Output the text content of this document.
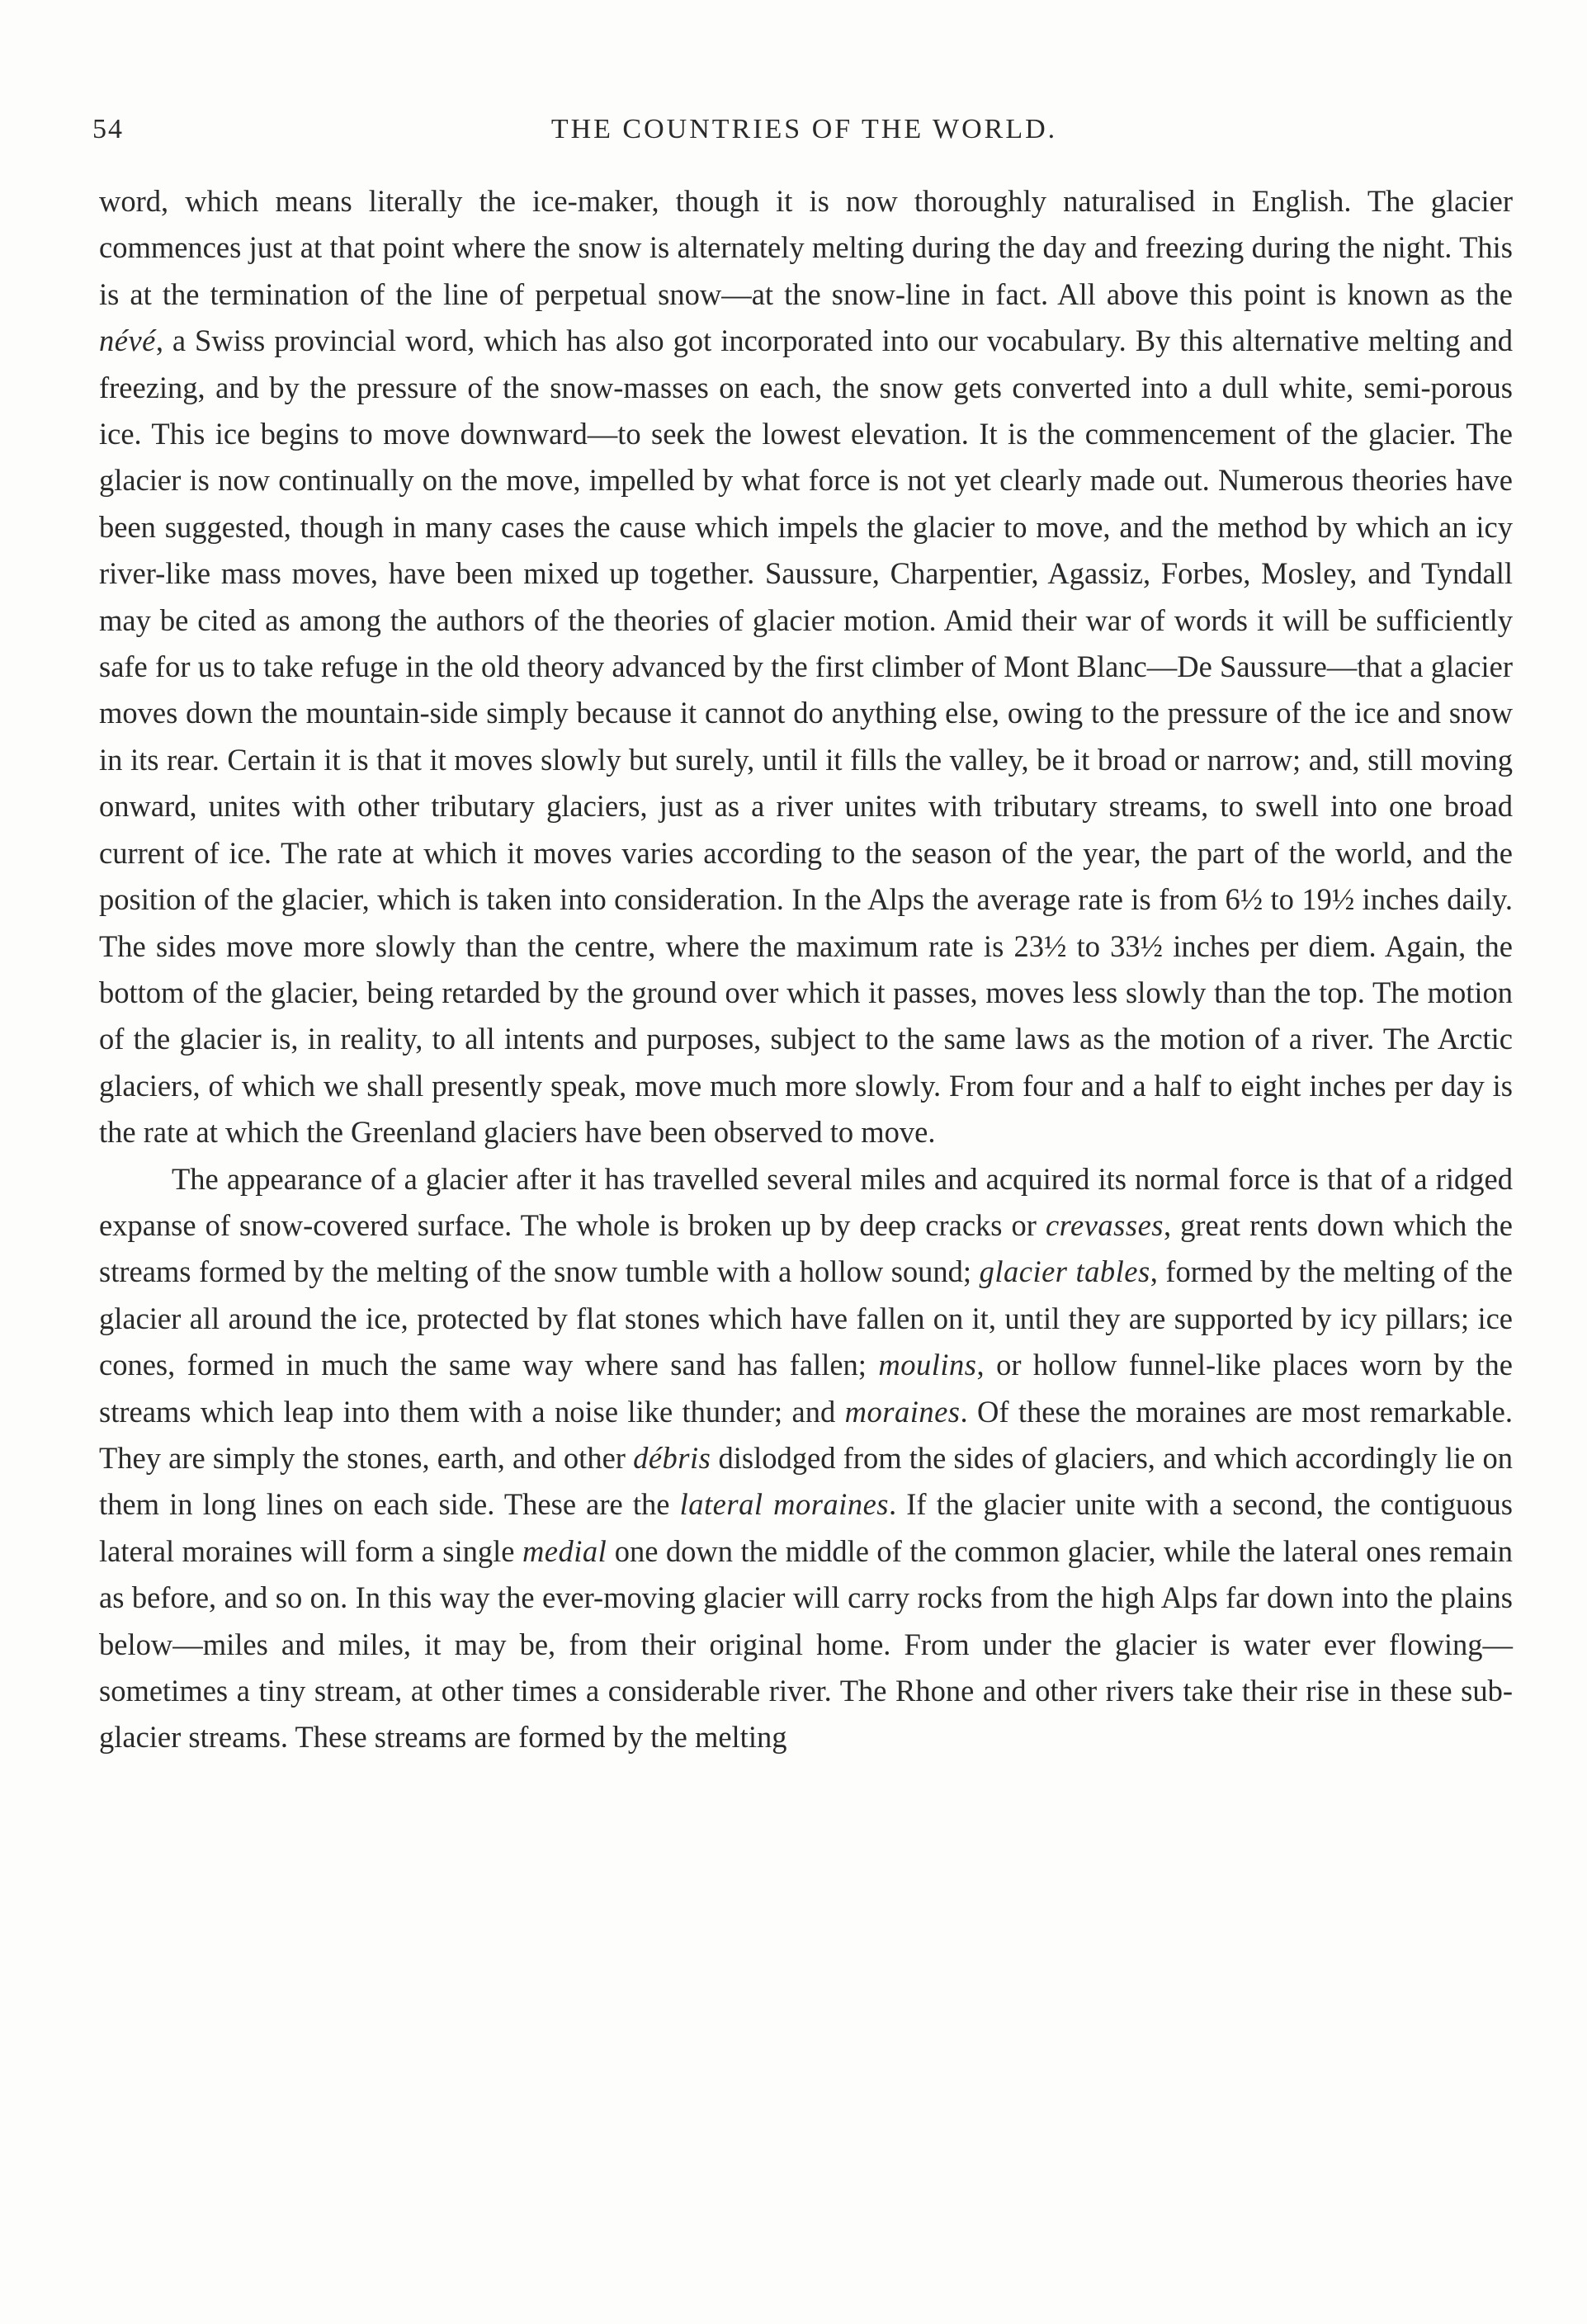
54	THE COUNTRIES OF THE WORLD.

word, which means literally the ice-maker, though it is now thoroughly naturalised in English. The glacier commences just at that point where the snow is alternately melting during the day and freezing during the night. This is at the termination of the line of perpetual snow—at the snow-line in fact. All above this point is known as the névé, a Swiss provincial word, which has also got incorporated into our vocabulary. By this alternative melting and freezing, and by the pressure of the snow-masses on each, the snow gets converted into a dull white, semi-porous ice. This ice begins to move downward—to seek the lowest elevation. It is the commencement of the glacier. The glacier is now continually on the move, impelled by what force is not yet clearly made out. Numerous theories have been suggested, though in many cases the cause which impels the glacier to move, and the method by which an icy river-like mass moves, have been mixed up together. Saussure, Charpentier, Agassiz, Forbes, Mosley, and Tyndall may be cited as among the authors of the theories of glacier motion. Amid their war of words it will be sufficiently safe for us to take refuge in the old theory advanced by the first climber of Mont Blanc—De Saussure—that a glacier moves down the mountain-side simply because it cannot do anything else, owing to the pressure of the ice and snow in its rear. Certain it is that it moves slowly but surely, until it fills the valley, be it broad or narrow; and, still moving onward, unites with other tributary glaciers, just as a river unites with tributary streams, to swell into one broad current of ice. The rate at which it moves varies according to the season of the year, the part of the world, and the position of the glacier, which is taken into consideration. In the Alps the average rate is from 6½ to 19½ inches daily. The sides move more slowly than the centre, where the maximum rate is 23½ to 33½ inches per diem. Again, the bottom of the glacier, being retarded by the ground over which it passes, moves less slowly than the top. The motion of the glacier is, in reality, to all intents and purposes, subject to the same laws as the motion of a river. The Arctic glaciers, of which we shall presently speak, move much more slowly. From four and a half to eight inches per day is the rate at which the Greenland glaciers have been observed to move.

The appearance of a glacier after it has travelled several miles and acquired its normal force is that of a ridged expanse of snow-covered surface. The whole is broken up by deep cracks or crevasses, great rents down which the streams formed by the melting of the snow tumble with a hollow sound; glacier tables, formed by the melting of the glacier all around the ice, protected by flat stones which have fallen on it, until they are supported by icy pillars; ice cones, formed in much the same way where sand has fallen; moulins, or hollow funnel-like places worn by the streams which leap into them with a noise like thunder; and moraines. Of these the moraines are most remarkable. They are simply the stones, earth, and other débris dislodged from the sides of glaciers, and which accordingly lie on them in long lines on each side. These are the lateral moraines. If the glacier unite with a second, the contiguous lateral moraines will form a single medial one down the middle of the common glacier, while the lateral ones remain as before, and so on. In this way the ever-moving glacier will carry rocks from the high Alps far down into the plains below—miles and miles, it may be, from their original home. From under the glacier is water ever flowing—sometimes a tiny stream, at other times a considerable river. The Rhone and other rivers take their rise in these sub-glacier streams. These streams are formed by the melting
